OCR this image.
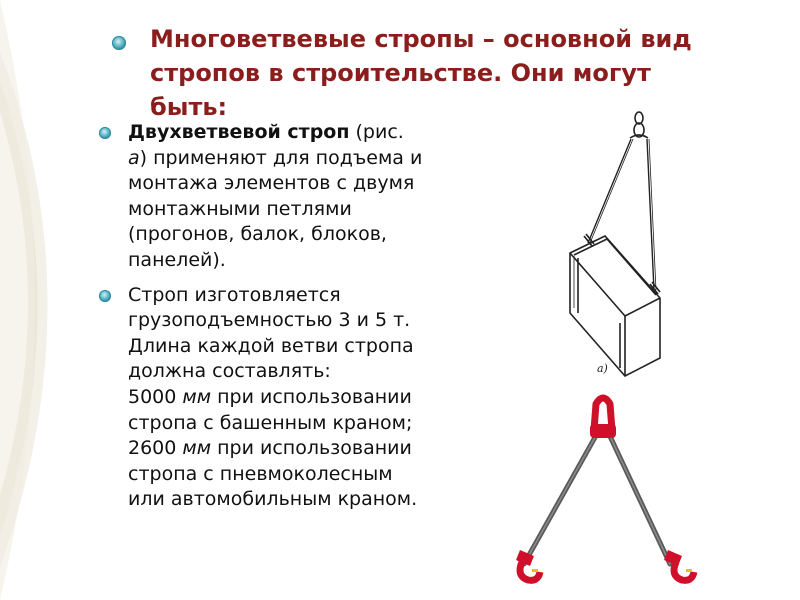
Многоветвевые стропы – основной вид
стропов в строительстве. Они могут
быть:
Двухветвевой строп (рис.
а) применяют для подъема и
монтажа элементов с двумя
монтажными петлями
(прогонов, балок, блоков,
панелей).
Строп изготовляется
грузоподъемностью 3 и 5 т.
Длина каждой ветви стропа
должна составлять:
5000 мм при использовании
стропа с башенным краном;
2600 мм при использовании
стропа с пневмоколесным
или автомобильным краном.
а)
